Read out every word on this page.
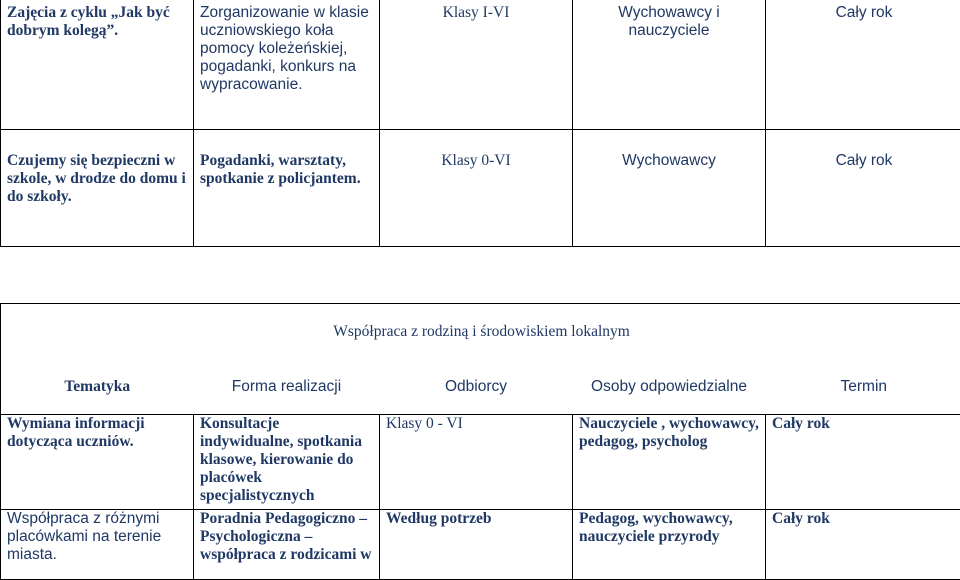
Zajęcia z cyklu „Jak być dobrym kolegą”.	Zorganizowanie w klasie uczniowskiego koła pomocy koleżeńskiej, pogadanki, konkurs na wypracowanie.	Klasy I-VI	Wychowawcy i nauczyciele	Cały rok
Czujemy się bezpieczni w szkole, w drodze do domu i do szkoły.	Pogadanki, warsztaty, spotkanie z policjantem.	Klasy 0-VI	Wychowawcy	Cały rok
Współpraca z rodziną i środowiskiem lokalnym
Tematyka	Forma realizacji	Odbiorcy	Osoby odpowiedzialne	Termin
Wymiana informacji dotycząca uczniów.	Konsultacje indywidualne, spotkania klasowe, kierowanie do placówek specjalistycznych	Klasy 0 - VI	Nauczyciele , wychowawcy, pedagog, psycholog	Cały rok
Współpraca z różnymi placówkami na terenie miasta.	Poradnia Pedagogiczno – Psychologiczna – współpraca z rodzicami w	Według potrzeb	Pedagog, wychowawcy, nauczyciele przyrody	Cały rok
